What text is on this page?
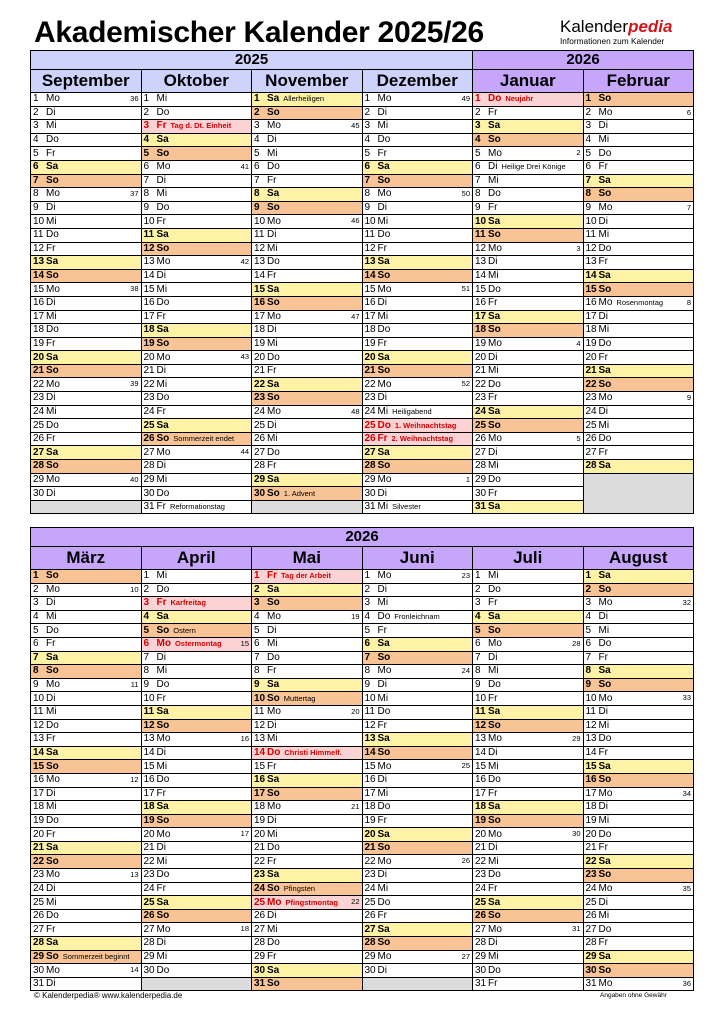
Akademischer Kalender 2025/26	Kalenderpedia
Informationen zum Kalender
2025				2026	
September	Oktober	November	Dezember	Januar	Februar
1 Mo 36	1 Mi	1 Sa Allerheiligen	1 Mo 49	1 Do Neujahr	1 So
2 Di	2 Do	2 So	2 Di	2 Fr	2 Mo 6

3 Mi	3 Fr Tag d. Dt. Einheit	3 Mo 45	3 Mi	3 Sa	3 Di
4 Do	4 Sa	4 Di	4 Do	4 So	4 Mi
5 Fr	5 So	5 Mi	5 Fr	5 Mo 2	5 Do
6 Sa	6 Mo 41	6 Do	6 Sa	6 Di Heilige Drei Könige	6 Fr
7 So	7 Di	7 Fr	7 So	7 Mi	7 Sa
8 Mo 37	8 Mi	8 Sa	8 Mo 50	8 Do	8 So
9 Di	9 Do	9 So	9 Di	9 Fr	9 Mo 7

10 Mi	10 Fr	10 Mo 46	10 Mi	10 Sa	10 Di
11 Do	11 Sa	11 Di	11 Do	11 So	11 Mi
12 Fr	12 So	12 Mi	12 Fr	12 Mo 3	12 Do
13 Sa	13 Mo 42	13 Do	13 Sa	13 Di	13 Fr
14 So	14 Di	14 Fr	14 So	14 Mi	14 Sa
15 Mo 38	15 Mi	15 Sa	15 Mo 51	15 Do	15 So
16 Di	16 Do	16 So	16 Di	16 Fr	16 Mo Rosenmontag 8

17 Mi	17 Fr	17 Mo 47	17 Mi	17 Sa	17 Di
18 Do	18 Sa	18 Di	18 Do	18 So	18 Mi
19 Fr	19 So	19 Mi	19 Fr	19 Mo 4	19 Do
20 Sa	20 Mo 43	20 Do	20 Sa	20 Di	20 Fr
21 So	21 Di	21 Fr	21 So	21 Mi	21 Sa
22 Mo 39	22 Mi	22 Sa	22 Mo 52	22 Do	22 So
23 Di	23 Do	23 So	23 Di	23 Fr	23 Mo 9

24 Mi	24 Fr	24 Mo 48	24 Mi Heiligabend	24 Sa	24 Di
25 Do	25 Sa	25 Di	25 Do 1. Weihnachtstag	25 So	25 Mi
26 Fr	26 So Sommerzeit endet	26 Mi	26 Fr 2. Weihnachtstag	26 Mo 5	26 Do
27 Sa	27 Mo 44	27 Do	27 Sa	27 Di	27 Fr
28 So	28 Di	28 Fr	28 So	28 Mi	28 Sa
29 Mo 40	29 Mi	29 Sa	29 Mo 1	29 Do	
30 Di	30 Do	30 So 1. Advent	30 Di	30 Fr	
	31 Fr Reformationstag		31 Mi Silvester	31 Sa	
2026					
März	April	Mai	Juni	Juli	August
1 So	1 Mi	1 Fr Tag der Arbeit	1 Mo 23	1 Mi	1 Sa
2 Mo 10	2 Do	2 Sa	2 Di	2 Do	2 So
3 Di	3 Fr Karfreitag	3 So	3 Mi	3 Fr	3 Mo 32

4 Mi	4 Sa	4 Mo 19	4 Do Fronleichnam	4 Sa	4 Di
5 Do	5 So Ostern	5 Di	5 Fr	5 So	5 Mi
6 Fr	6 Mo Ostermontag 15	6 Mi	6 Sa	6 Mo 28	6 Do
7 Sa	7 Di	7 Do	7 So	7 Di	7 Fr
8 So	8 Mi	8 Fr	8 Mo 24	8 Mi	8 Sa
9 Mo 11	9 Do	9 Sa	9 Di	9 Do	9 So
10 Di	10 Fr	10 So Muttertag	10 Mi	10 Fr	10 Mo 33

11 Mi	11 Sa	11 Mo 20	11 Do	11 Sa	11 Di
12 Do	12 So	12 Di	12 Fr	12 So	12 Mi
13 Fr	13 Mo 16	13 Mi	13 Sa	13 Mo 29	13 Do
14 Sa	14 Di	14 Do Christi Himmelf.	14 So	14 Di	14 Fr
15 So	15 Mi	15 Fr	15 Mo 25	15 Mi	15 Sa
16 Mo 12	16 Do	16 Sa	16 Di	16 Do	16 So
17 Di	17 Fr	17 So	17 Mi	17 Fr	17 Mo 34

18 Mi	18 Sa	18 Mo 21	18 Do	18 Sa	18 Di
19 Do	19 So	19 Di	19 Fr	19 So	19 Mi
20 Fr	20 Mo 17	20 Mi	20 Sa	20 Mo 30	20 Do
21 Sa	21 Di	21 Do	21 So	21 Di	21 Fr
22 So	22 Mi	22 Fr	22 Mo 26	22 Mi	22 Sa
23 Mo 13	23 Do	23 Sa	23 Di	23 Do	23 So
24 Di	24 Fr	24 So Pfingsten	24 Mi	24 Fr	24 Mo 35

25 Mi	25 Sa	25 Mo Pfingstmontag 22	25 Do	25 Sa	25 Di
26 Do	26 So	26 Di	26 Fr	26 So	26 Mi
27 Fr	27 Mo 18	27 Mi	27 Sa	27 Mo 31	27 Do
28 Sa	28 Di	28 Do	28 So	28 Di	28 Fr
29 So Sommerzeit beginnt	29 Mi	29 Fr	29 Mo 27	29 Mi	29 Sa
30 Mo 14	30 Do	30 Sa	30 Di	30 Do	30 So
31 Di		31 So		31 Fr	31 Mo 36
© Kalenderpedia® www.kalenderpedia.de	Angaben ohne Gewähr
